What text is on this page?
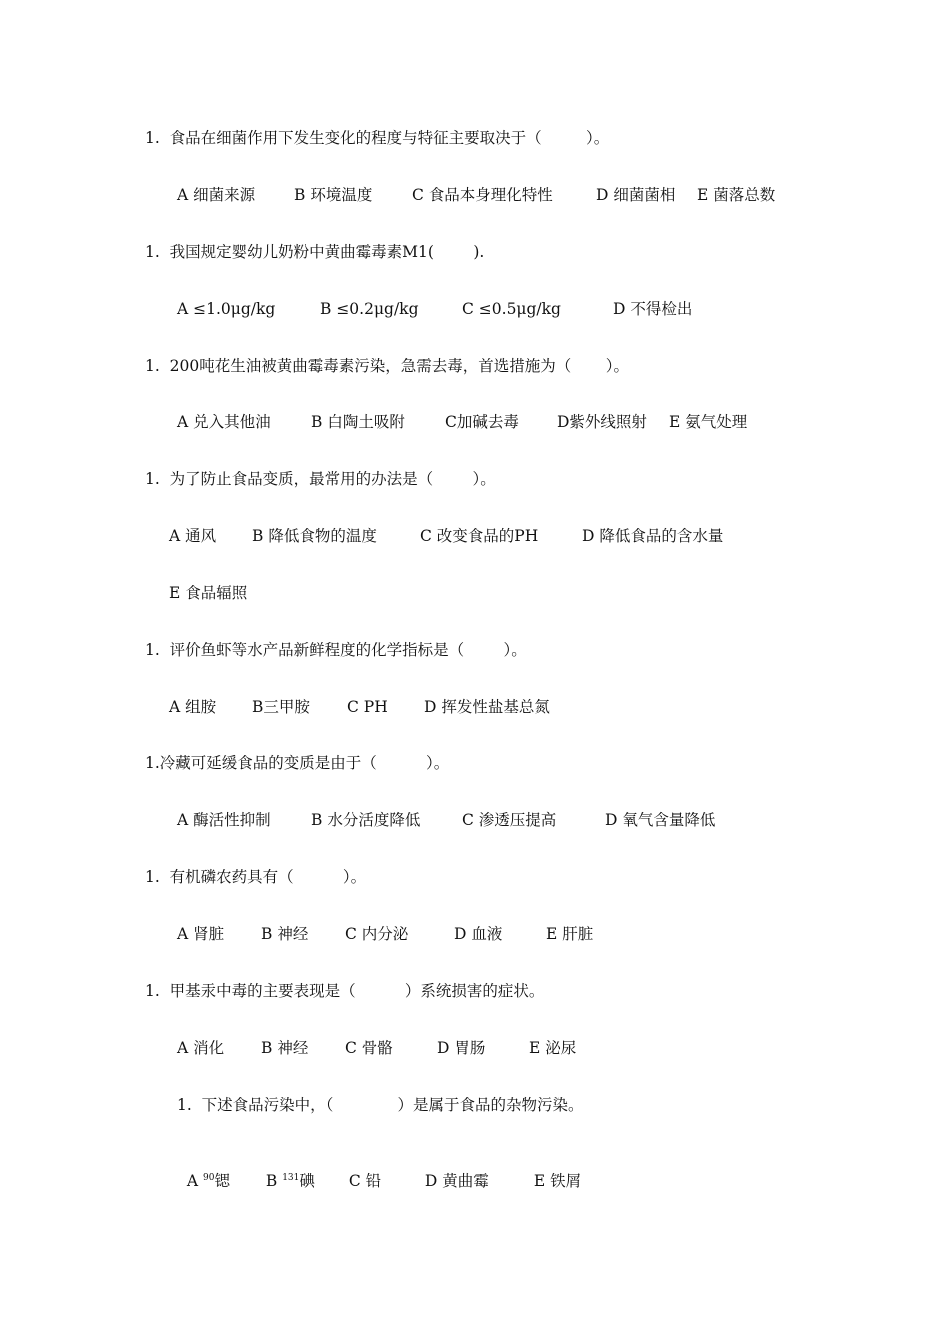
1.  食品在细菌作用下发生变化的程度与特征主要取决于（         ）。
A 细菌来源	B 环境温度	C 食品本身理化特性	D 细菌菌相 E 菌落总数
1.  我国规定婴幼儿奶粉中黄曲霉毒素M1(        ).
A ≤1.0μg/kg	B ≤0.2μg/kg	C ≤0.5μg/kg	D 不得检出
1.  200吨花生油被黄曲霉毒素污染，急需去毒，首选措施为（       ）。
A 兑入其他油	B 白陶土吸附	C加碱去毒 D紫外线照射 E 氨气处理
1.  为了防止食品变质，最常用的办法是（        ）。
A 通风 B 降低食物的温度	C 改变食品的PH	D 降低食品的含水量
E 食品辐照
1.  评价鱼虾等水产品新鲜程度的化学指标是（        ）。
A 组胺 B三甲胺 C PH D 挥发性盐基总氮
1.冷藏可延缓食品的变质是由于（          ）。
A 酶活性抑制	B 水分活度降低	C 渗透压提高	D 氧气含量降低
1.  有机磷农药具有（          ）。
A 肾脏 B 神经 C 内分泌	D 血液	E 肝脏
1.  甲基汞中毒的主要表现是（          ）系统损害的症状。
A 消化 B 神经 C 骨骼	D 胃肠	E 泌尿
1.  下述食品污染中，（             ）是属于食品的杂物污染。

A $^{90}$锶	B $^{131}$碘	C 铅	D 黄曲霉	E 铁屑
